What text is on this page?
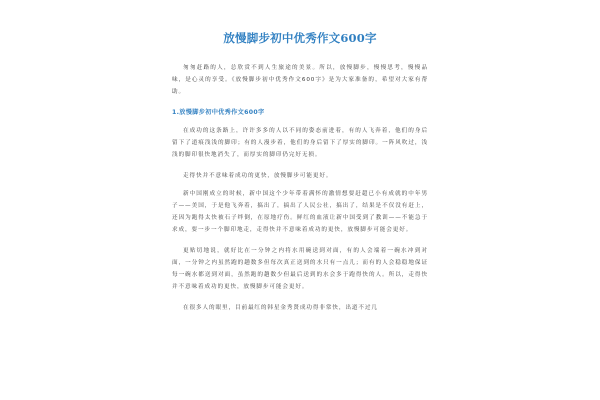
放慢脚步初中优秀作文600字

匆匆赶路的人，总欣赏不到人生旅途的美景。所以，放慢脚步，慢慢思考，慢慢品味，是心灵的享受。《放慢脚步初中优秀作文600字》是为大家准备的，希望对大家有帮助。

1.放慢脚步初中优秀作文600字

在成功的这条路上，许许多多的人以不同的姿态前进着，有的人飞奔着，他们的身后留下了道痕浅浅的脚印；有的人漫步着，他们的身后留下了厚实的脚印。一阵风吹过，浅浅的脚印很快地消失了，而厚实的脚印仍完好无损。

走得快并不意味着成功的更快，放慢脚步可能更好。

新中国刚成立的时候，新中国这个少年带着满怀的激情想要赶超已小有成就的中年男子——美国，于是他飞奔着，搞出了，搞出了人民公社，搞出了，结果是不仅没有赶上，还因为跑得太快被石子绊倒，在原地疗伤。鲜红的血液让新中国受到了教训——不能急于求成，要一步一个脚印地走，走得快并不意味着成功的更快，放慢脚步可能会更好。

更贴切地说，就好比在一分钟之内将水用碗送到对面，有的人会端着一碗水冲到对面，一分钟之内虽然跑的趟数多但每次真正送到的水只有一点儿；而有的人会稳稳地保证每一碗水都送到对面，虽然跑的趟数少但最后送到的水会多于跑得快的人。所以，走得快并不意味着成功的更快，放慢脚步可能会更好。

在很多人的眼里，目前最红的韩星金秀贤成功得非常快，出道不过几
